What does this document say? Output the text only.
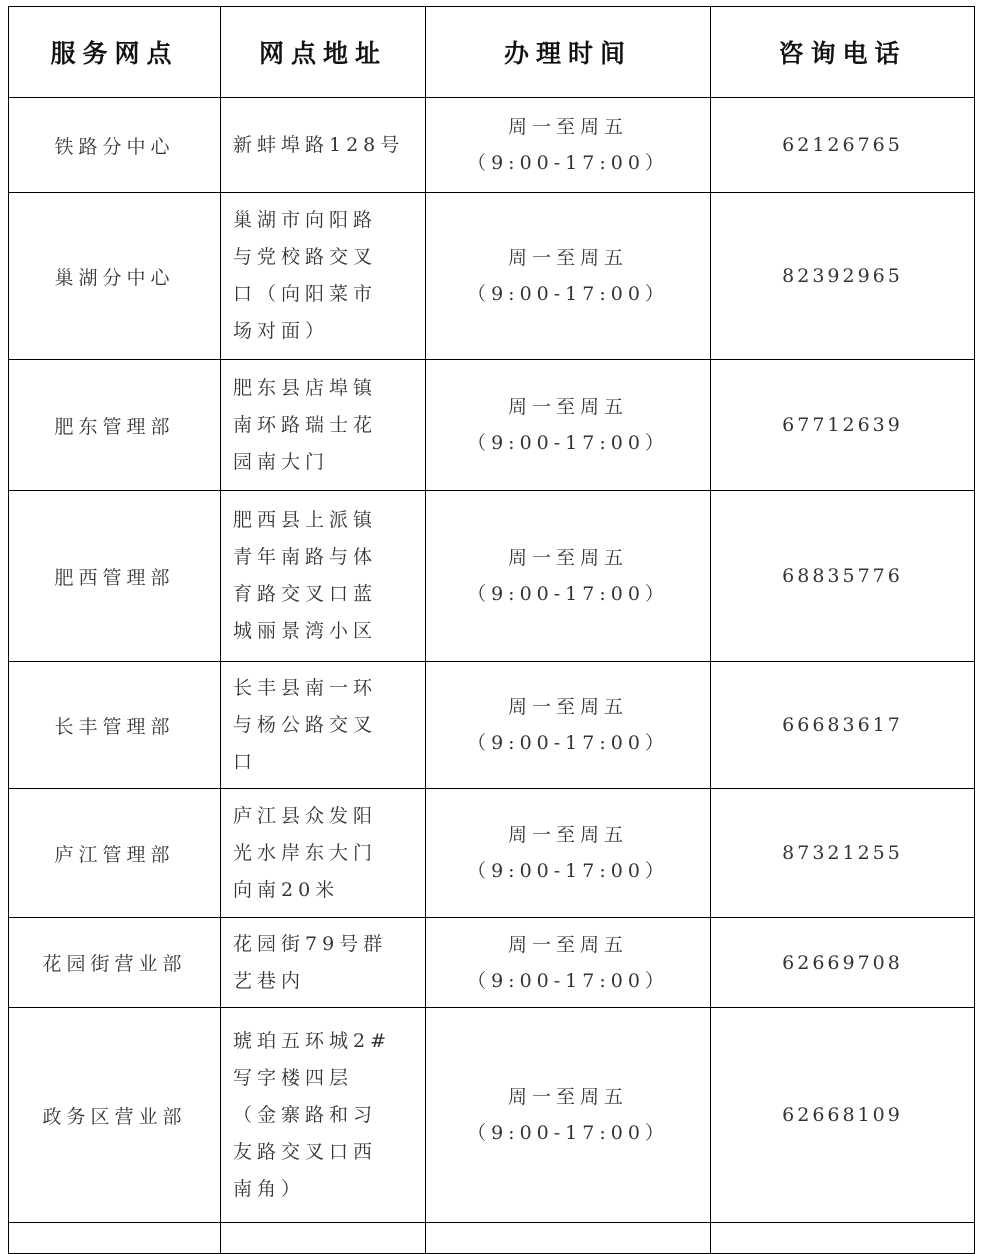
服务网点	网点地址	办理时间	咨询电话
铁路分中心	新蚌埠路128号	周一至周五
（9:00-17:00）	62126765
巢湖分中心	巢湖市向阳路
与党校路交叉
口（向阳菜市
场对面）	周一至周五
（9:00-17:00）	82392965
肥东管理部	肥东县店埠镇
南环路瑞士花
园南大门	周一至周五
（9:00-17:00）	67712639
肥西管理部	肥西县上派镇
青年南路与体
育路交叉口蓝
城丽景湾小区	周一至周五
（9:00-17:00）	68835776
长丰管理部	长丰县南一环
与杨公路交叉
口	周一至周五
（9:00-17:00）	66683617
庐江管理部	庐江县众发阳
光水岸东大门
向南20米	周一至周五
（9:00-17:00）	87321255
花园街营业部	花园街79号群
艺巷内	周一至周五
（9:00-17:00）	62669708
政务区营业部	琥珀五环城2#
写字楼四层
（金寨路和习
友路交叉口西
南角）	周一至周五
（9:00-17:00）	62668109
